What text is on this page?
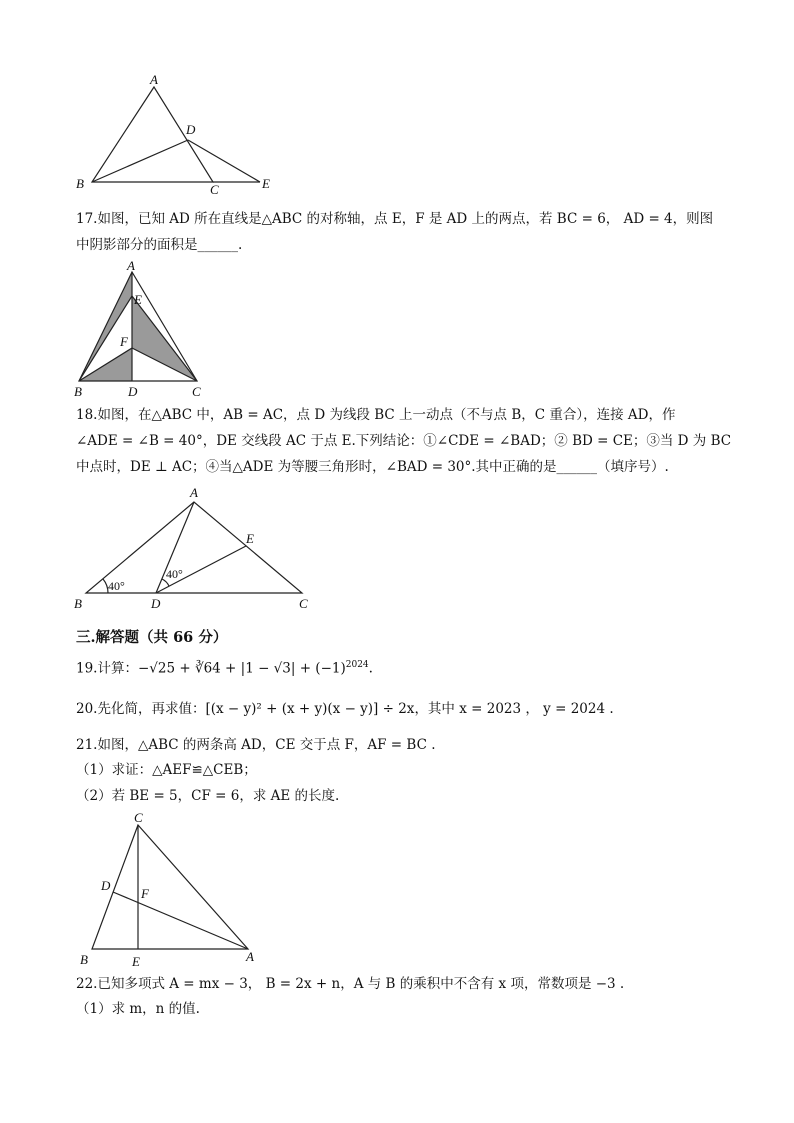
A
B	C
D
E
17.如图，已知 AD 所在直线是△ABC 的对称轴，点 E，F 是 AD 上的两点，若 BC = 6， AD = 4，则图
中阴影部分的面积是______.
A
E
F
B	D	C
18.如图，在△ABC 中，AB = AC，点 D 为线段 BC 上一动点（不与点 B，C 重合），连接 AD，作
∠ADE = ∠B = 40°，DE 交线段 AC 于点 E.下列结论：①∠CDE = ∠BAD；② BD = CE；③当 D 为 BC
中点时，DE ⊥ AC；④当△ADE 为等腰三角形时，∠BAD = 30°.其中正确的是______（填序号）.
A
B	D	C
E
40°
40°
三.解答题（共 66 分）
19.计算：−√25 + ∛64 + $|1 - √3| + (-1)^{2024}$.
20.先化简，再求值：[(x − y)² + (x + y)(x − y)] ÷ 2x，其中 x = 2023 ， y = 2024 .
21.如图，△ABC 的两条高 AD，CE 交于点 F，AF = BC .
（1）求证：△AEF≌△CEB；
（2）若 BE = 5，CF = 6，求 AE 的长度.
C
D
F
B	E	A
22.已知多项式 A = mx − 3， B = 2x + n，A 与 B 的乘积中不含有 x 项，常数项是 −3 .
（1）求 m，n 的值.
